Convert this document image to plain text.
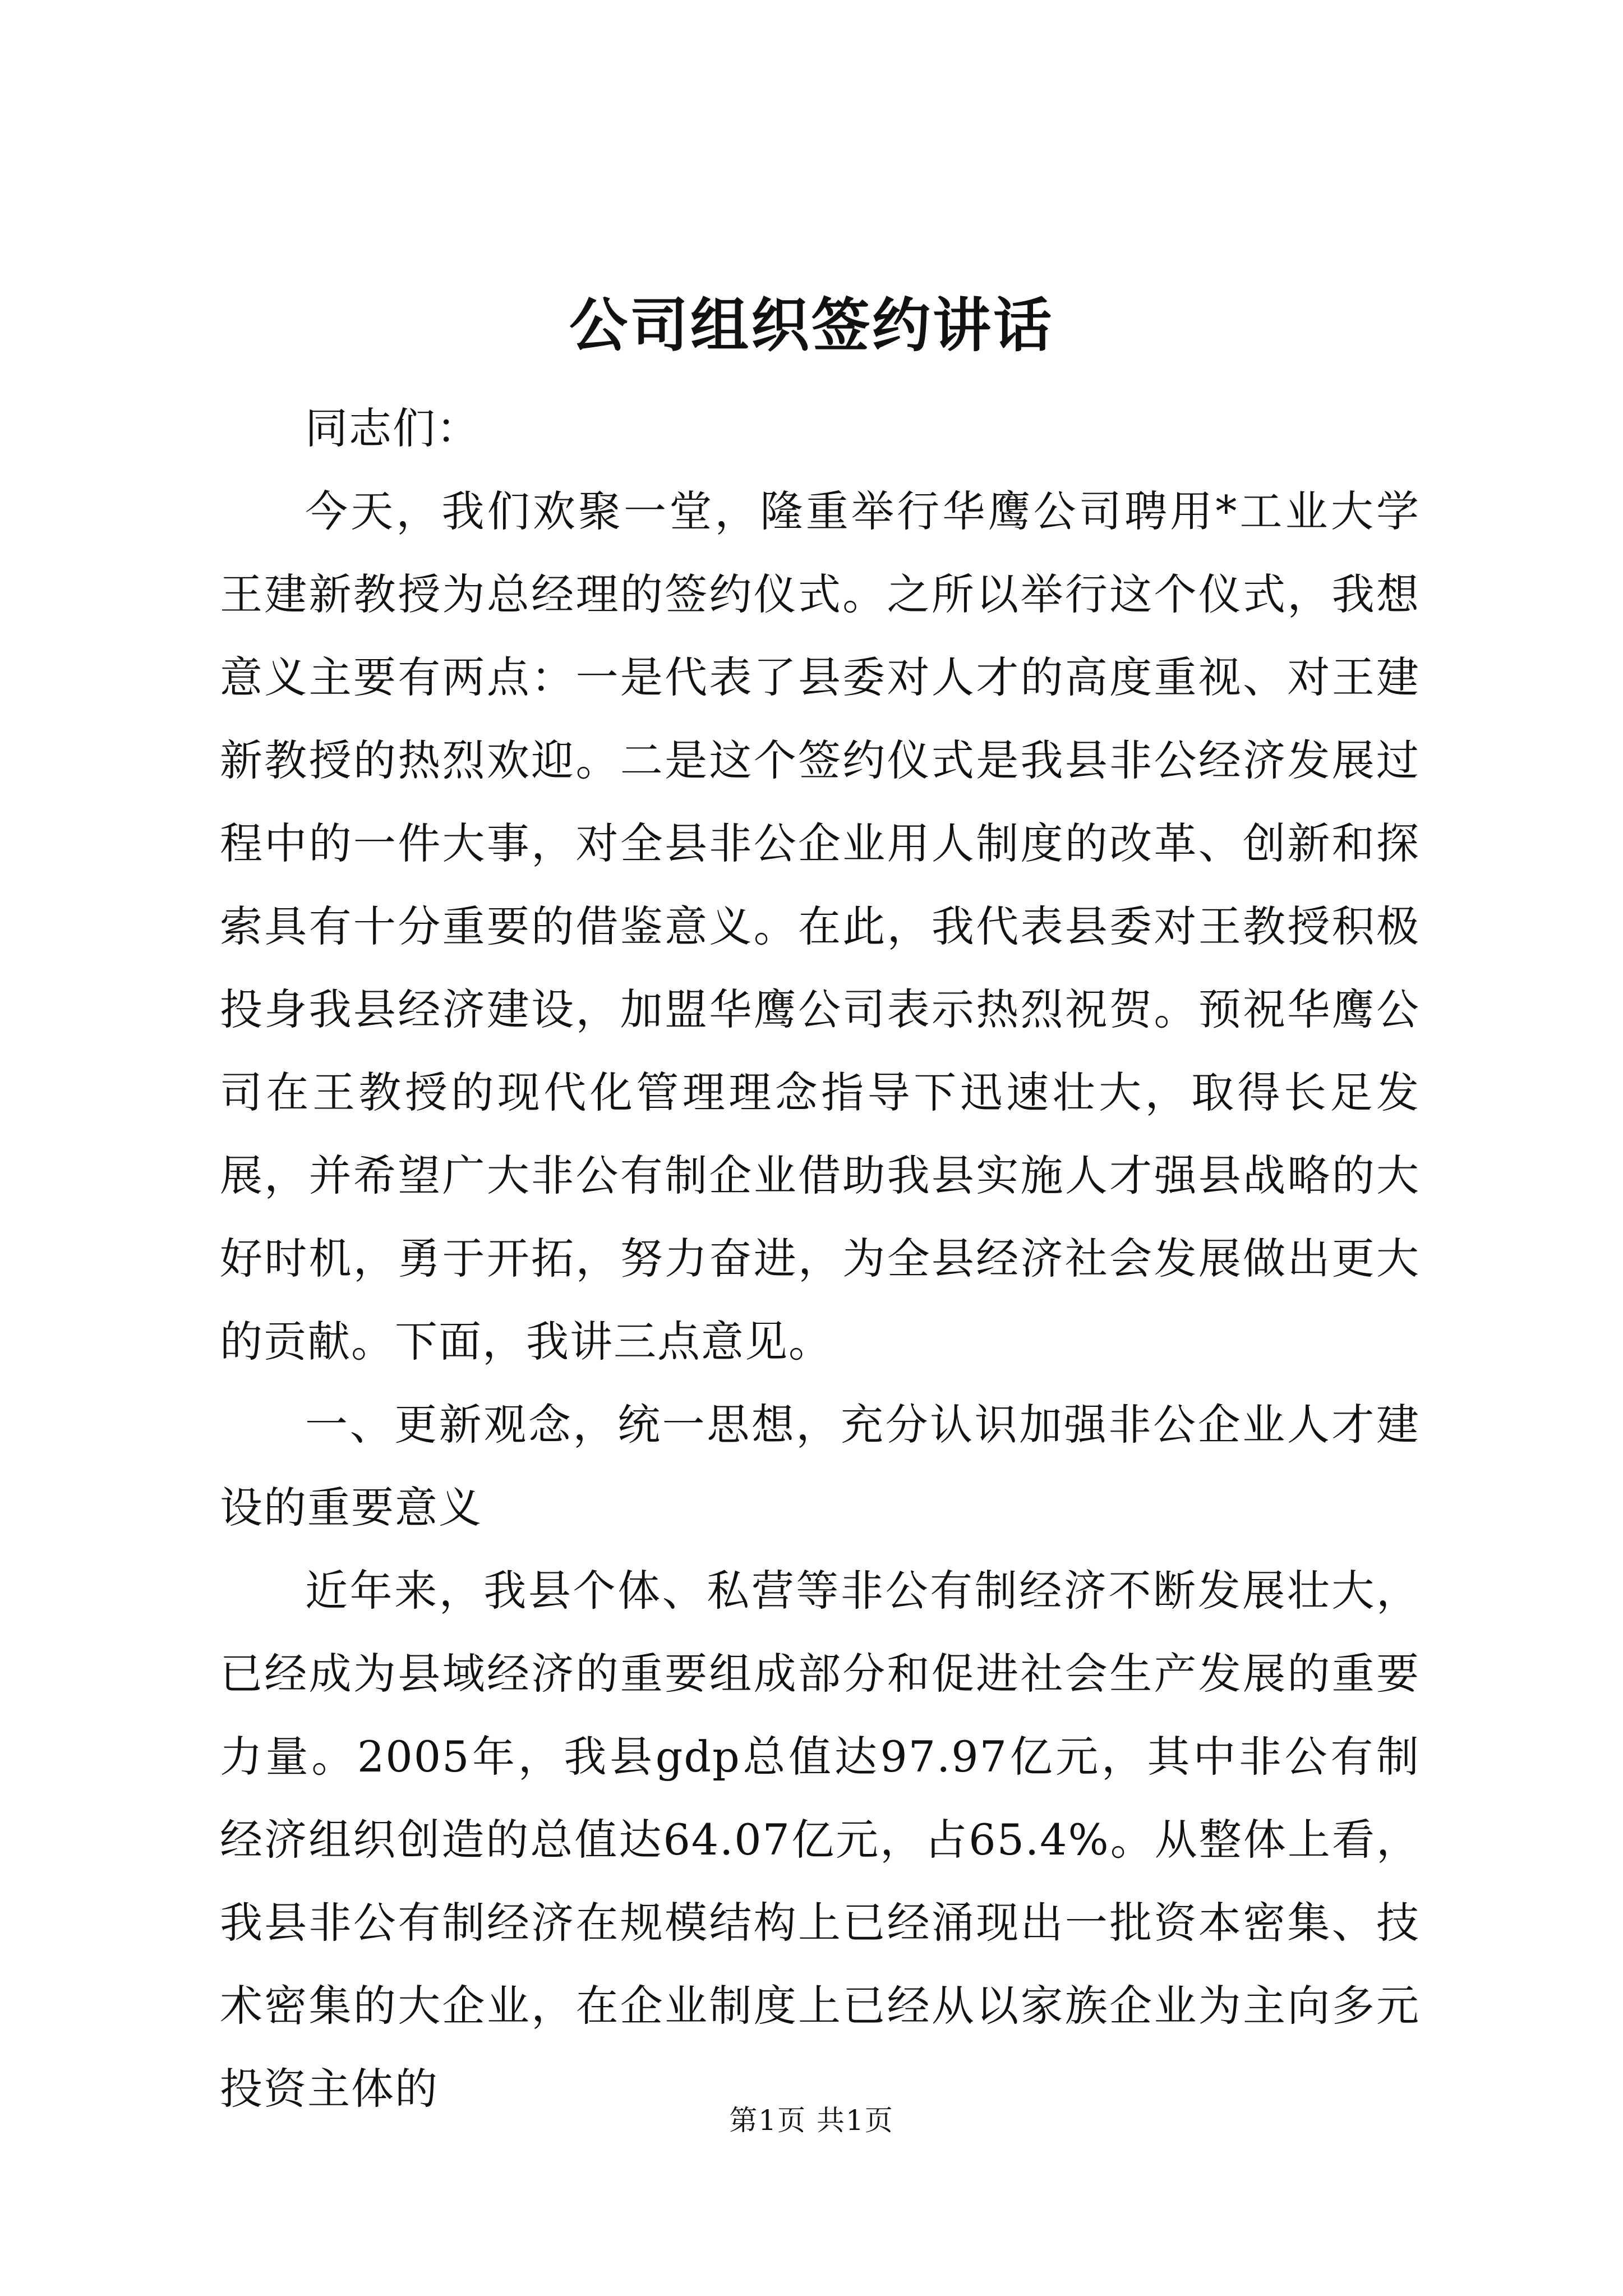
公司组织签约讲话

同志们：

今天，我们欢聚一堂，隆重举行华鹰公司聘用*工业大学王建新教授为总经理的签约仪式。之所以举行这个仪式，我想意义主要有两点：一是代表了县委对人才的高度重视、对王建新教授的热烈欢迎。二是这个签约仪式是我县非公经济发展过程中的一件大事，对全县非公企业用人制度的改革、创新和探索具有十分重要的借鉴意义。在此，我代表县委对王教授积极投身我县经济建设，加盟华鹰公司表示热烈祝贺。预祝华鹰公司在王教授的现代化管理理念指导下迅速壮大，取得长足发展，并希望广大非公有制企业借助我县实施人才强县战略的大好时机，勇于开拓，努力奋进，为全县经济社会发展做出更大的贡献。下面，我讲三点意见。

一、更新观念，统一思想，充分认识加强非公企业人才建设的重要意义

近年来，我县个体、私营等非公有制经济不断发展壮大，已经成为县域经济的重要组成部分和促进社会生产发展的重要力量。2005年，我县gdp总值达97.97亿元，其中非公有制经济组织创造的总值达64.07亿元，占65.4%。从整体上看，我县非公有制经济在规模结构上已经涌现出一批资本密集、技术密集的大企业，在企业制度上已经从以家族企业为主向多元投资主体的

第1页 共1页
